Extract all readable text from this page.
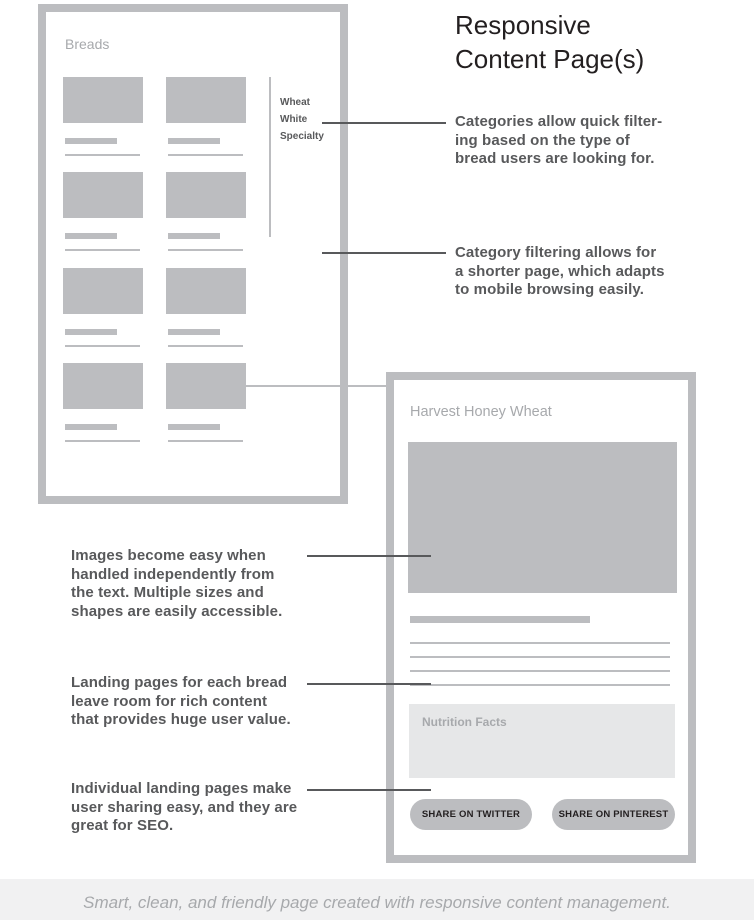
Responsive
Content Page(s)
Breads
Wheat
White
Specialty
Harvest Honey Wheat
Nutrition Facts
SHARE ON TWITTER	SHARE ON PINTEREST
Categories allow quick filter-
ing based on the type of
bread users are looking for.
Category filtering allows for
a shorter page, which adapts
to mobile browsing easily.
Images become easy when
handled independently from
the text. Multiple sizes and
shapes are easily accessible.
Landing pages for each bread
leave room for rich content
that provides huge user value.
Individual landing pages make
user sharing easy, and they are
great for SEO.
Smart, clean, and friendly page created with responsive content management.
